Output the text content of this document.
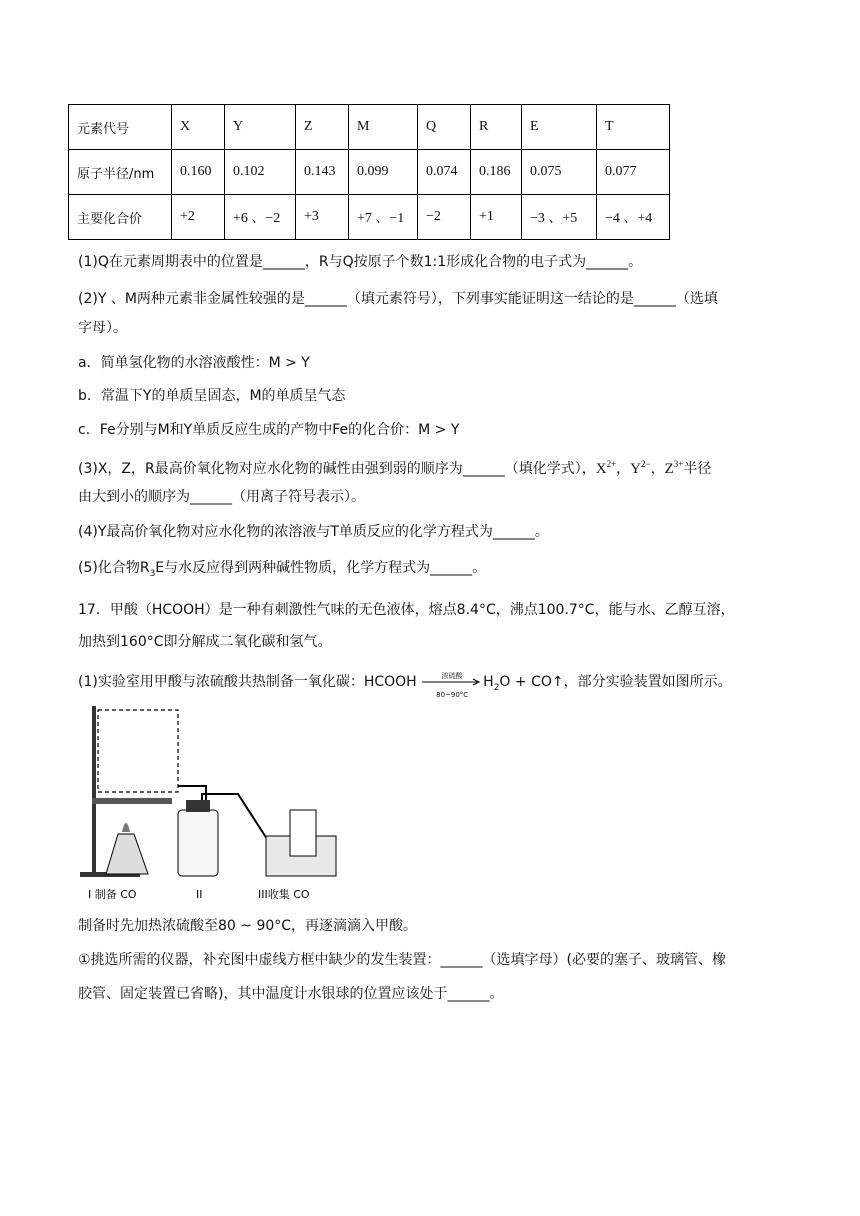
元素代号	X	Y	Z	M	Q	R	E	T
原子半径/nm	0.160	0.102	0.143	0.099	0.074	0.186	0.075	0.077
主要化合价	+2	+6 、−2	+3	+7 、−1	−2	+1	−3 、+5	−4 、+4
(1)Q在元素周期表中的位置是______，R与Q按原子个数1:1形成化合物的电子式为______。
(2)Y 、M两种元素非金属性较强的是______（填元素符号），下列事实能证明这一结论的是______（选填
字母）。
a．简单氢化物的水溶液酸性：M > Y
b．常温下Y的单质呈固态，M的单质呈气态
c．Fe分别与M和Y单质反应生成的产物中Fe的化合价：M > Y
(3)X，Z，R最高价氧化物对应水化物的碱性由强到弱的顺序为______（填化学式），$X^{2+}$，$Y^{2-}$，$Z^{3+}$半径
由大到小的顺序为______（用离子符号表示）。
(4)Y最高价氧化物对应水化物的浓溶液与T单质反应的化学方程式为______。
(5)化合物$R_3E$与水反应得到两种碱性物质，化学方程式为______。
17．甲酸（HCOOH）是一种有刺激性气味的无色液体，熔点8.4°C，沸点100.7°C，能与水、乙醇互溶，
加热到160°C即分解成二氧化碳和氢气。
(1)实验室用甲酸与浓硫酸共热制备一氧化碳：HCOOH	浓硫酸
80~90°C
$H_2O$ + CO↑，部分实验装置如图所示。
I 制备 CO	II	III收集 CO
制备时先加热浓硫酸至80 ~ 90°C，再逐滴滴入甲酸。
①挑选所需的仪器，补充图中虚线方框中缺少的发生装置：______（选填字母）(必要的塞子、玻璃管、橡
胶管、固定装置已省略)，其中温度计水银球的位置应该处于______。
